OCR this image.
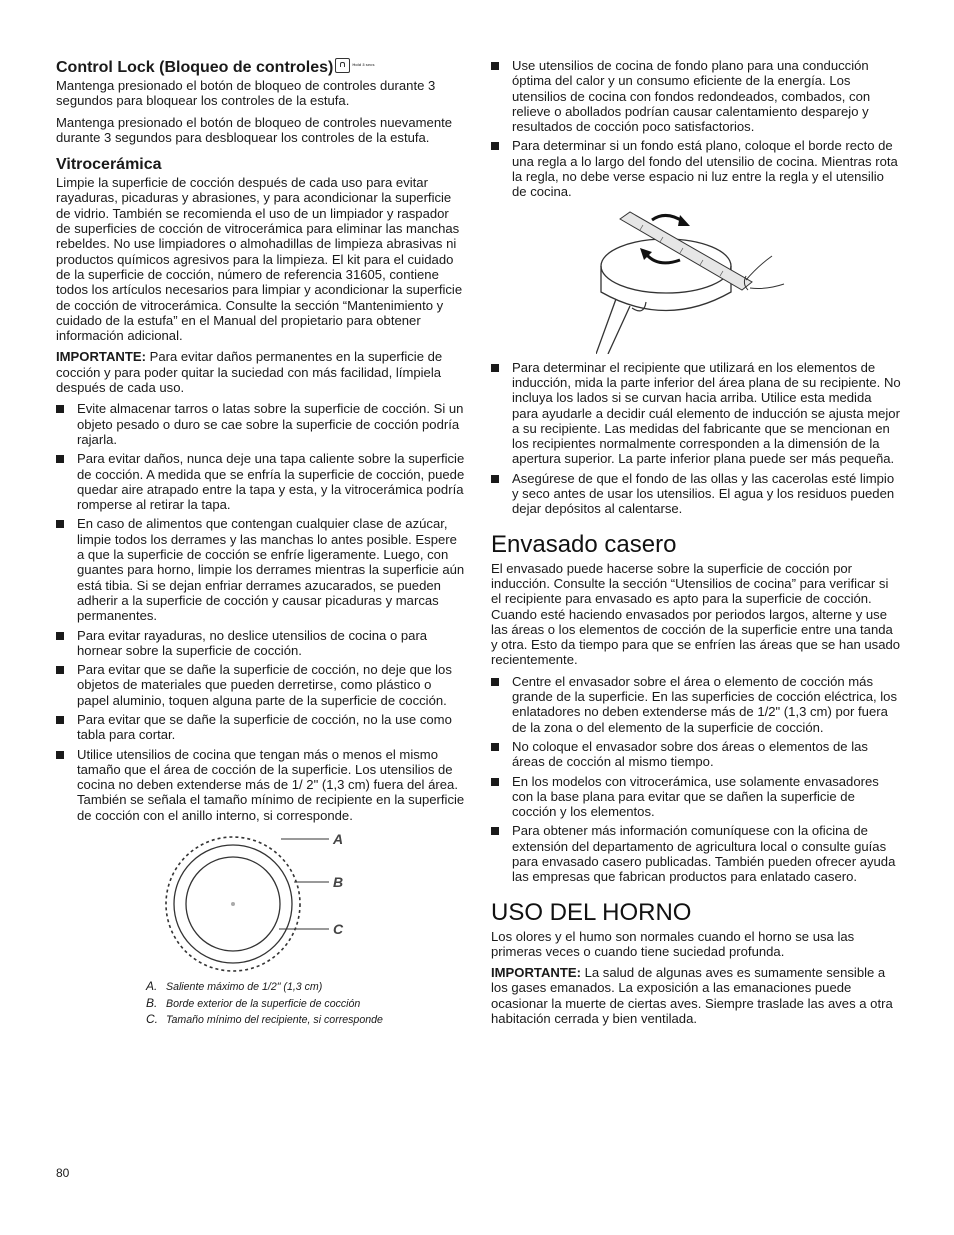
Control Lock (Bloqueo de controles)	$^{Hold 3 secs}$

Mantenga presionado el botón de bloqueo de controles durante 3 segundos para bloquear los controles de la estufa.

Mantenga presionado el botón de bloqueo de controles nuevamente durante 3 segundos para desbloquear los controles de la estufa.

Vitrocerámica

Limpie la superficie de cocción después de cada uso para evitar rayaduras, picaduras y abrasiones, y para acondicionar la superficie de vidrio. También se recomienda el uso de un limpiador y raspador de superficies de cocción de vitrocerámica para eliminar las manchas rebeldes. No use limpiadores o almohadillas de limpieza abrasivas ni productos químicos agresivos para la limpieza. El kit para el cuidado de la superficie de cocción, número de referencia 31605, contiene todos los artículos necesarios para limpiar y acondicionar la superficie de cocción de vitrocerámica. Consulte la sección “Mantenimiento y cuidado de la estufa” en el Manual del propietario para obtener información adicional.

IMPORTANTE: Para evitar daños permanentes en la superficie de cocción y para poder quitar la suciedad con más facilidad, límpiela después de cada uso.

Evite almacenar tarros o latas sobre la superficie de cocción. Si un objeto pesado o duro se cae sobre la superficie de cocción podría rajarla.
Para evitar daños, nunca deje una tapa caliente sobre la superficie de cocción. A medida que se enfría la superficie de cocción, puede quedar aire atrapado entre la tapa y esta, y la vitrocerámica podría romperse al retirar la tapa.
En caso de alimentos que contengan cualquier clase de azúcar, limpie todos los derrames y las manchas lo antes posible. Espere a que la superficie de cocción se enfríe ligeramente. Luego, con guantes para horno, limpie los derrames mientras la superficie aún está tibia. Si se dejan enfriar derrames azucarados, se pueden adherir a la superficie de cocción y causar picaduras y marcas permanentes.
Para evitar rayaduras, no deslice utensilios de cocina o para hornear sobre la superficie de cocción.
Para evitar que se dañe la superficie de cocción, no deje que los objetos de materiales que pueden derretirse, como plástico o papel aluminio, toquen alguna parte de la superficie de cocción.
Para evitar que se dañe la superficie de cocción, no la use como tabla para cortar.
Utilice utensilios de cocina que tengan más o menos el mismo tamaño que el área de cocción de la superficie. Los utensilios de cocina no deben extenderse más de 1/ 2" (1,3 cm) fuera del área. También se señala el tamaño mínimo de recipiente en la superficie de cocción con el anillo interno, si corresponde.
A
B
C
A. Saliente máximo de 1/2" (1,3 cm)
B. Borde exterior de la superficie de cocción
C. Tamaño mínimo del recipiente, si corresponde
Use utensilios de cocina de fondo plano para una conducción óptima del calor y un consumo eficiente de la energía. Los utensilios de cocina con fondos redondeados, combados, con relieve o abollados podrían causar calentamiento desparejo y resultados de cocción poco satisfactorios.
Para determinar si un fondo está plano, coloque el borde recto de una regla a lo largo del fondo del utensilio de cocina. Mientras rota la regla, no debe verse espacio ni luz entre la regla y el utensilio de cocina.
Para determinar el recipiente que utilizará en los elementos de inducción, mida la parte inferior del área plana de su recipiente. No incluya los lados si se curvan hacia arriba. Utilice esta medida para ayudarle a decidir cuál elemento de inducción se ajusta mejor a su recipiente. Las medidas del fabricante que se mencionan en los recipientes normalmente corresponden a la dimensión de la apertura superior. La parte inferior plana puede ser más pequeña.
Asegúrese de que el fondo de las ollas y las cacerolas esté limpio y seco antes de usar los utensilios. El agua y los residuos pueden dejar depósitos al calentarse.
Envasado casero

El envasado puede hacerse sobre la superficie de cocción por inducción. Consulte la sección “Utensilios de cocina” para verificar si el recipiente para envasado es apto para la superficie de cocción. Cuando esté haciendo envasados por periodos largos, alterne y use las áreas o los elementos de cocción de la superficie entre una tanda y otra. Esto da tiempo para que se enfríen las áreas que se han usado recientemente.

Centre el envasador sobre el área o elemento de cocción más grande de la superficie. En las superficies de cocción eléctrica, los enlatadores no deben extenderse más de 1/2" (1,3 cm) por fuera de la zona o del elemento de la superficie de cocción.
No coloque el envasador sobre dos áreas o elementos de las áreas de cocción al mismo tiempo.
En los modelos con vitrocerámica, use solamente envasadores con la base plana para evitar que se dañen la superficie de cocción y los elementos.
Para obtener más información comuníquese con la oficina de extensión del departamento de agricultura local o consulte guías para envasado casero publicadas. También pueden ofrecer ayuda las empresas que fabrican productos para enlatado casero.
USO DEL HORNO

Los olores y el humo son normales cuando el horno se usa las primeras veces o cuando tiene suciedad profunda.

IMPORTANTE: La salud de algunas aves es sumamente sensible a los gases emanados. La exposición a las emanaciones puede ocasionar la muerte de ciertas aves. Siempre traslade las aves a otra habitación cerrada y bien ventilada.

80
